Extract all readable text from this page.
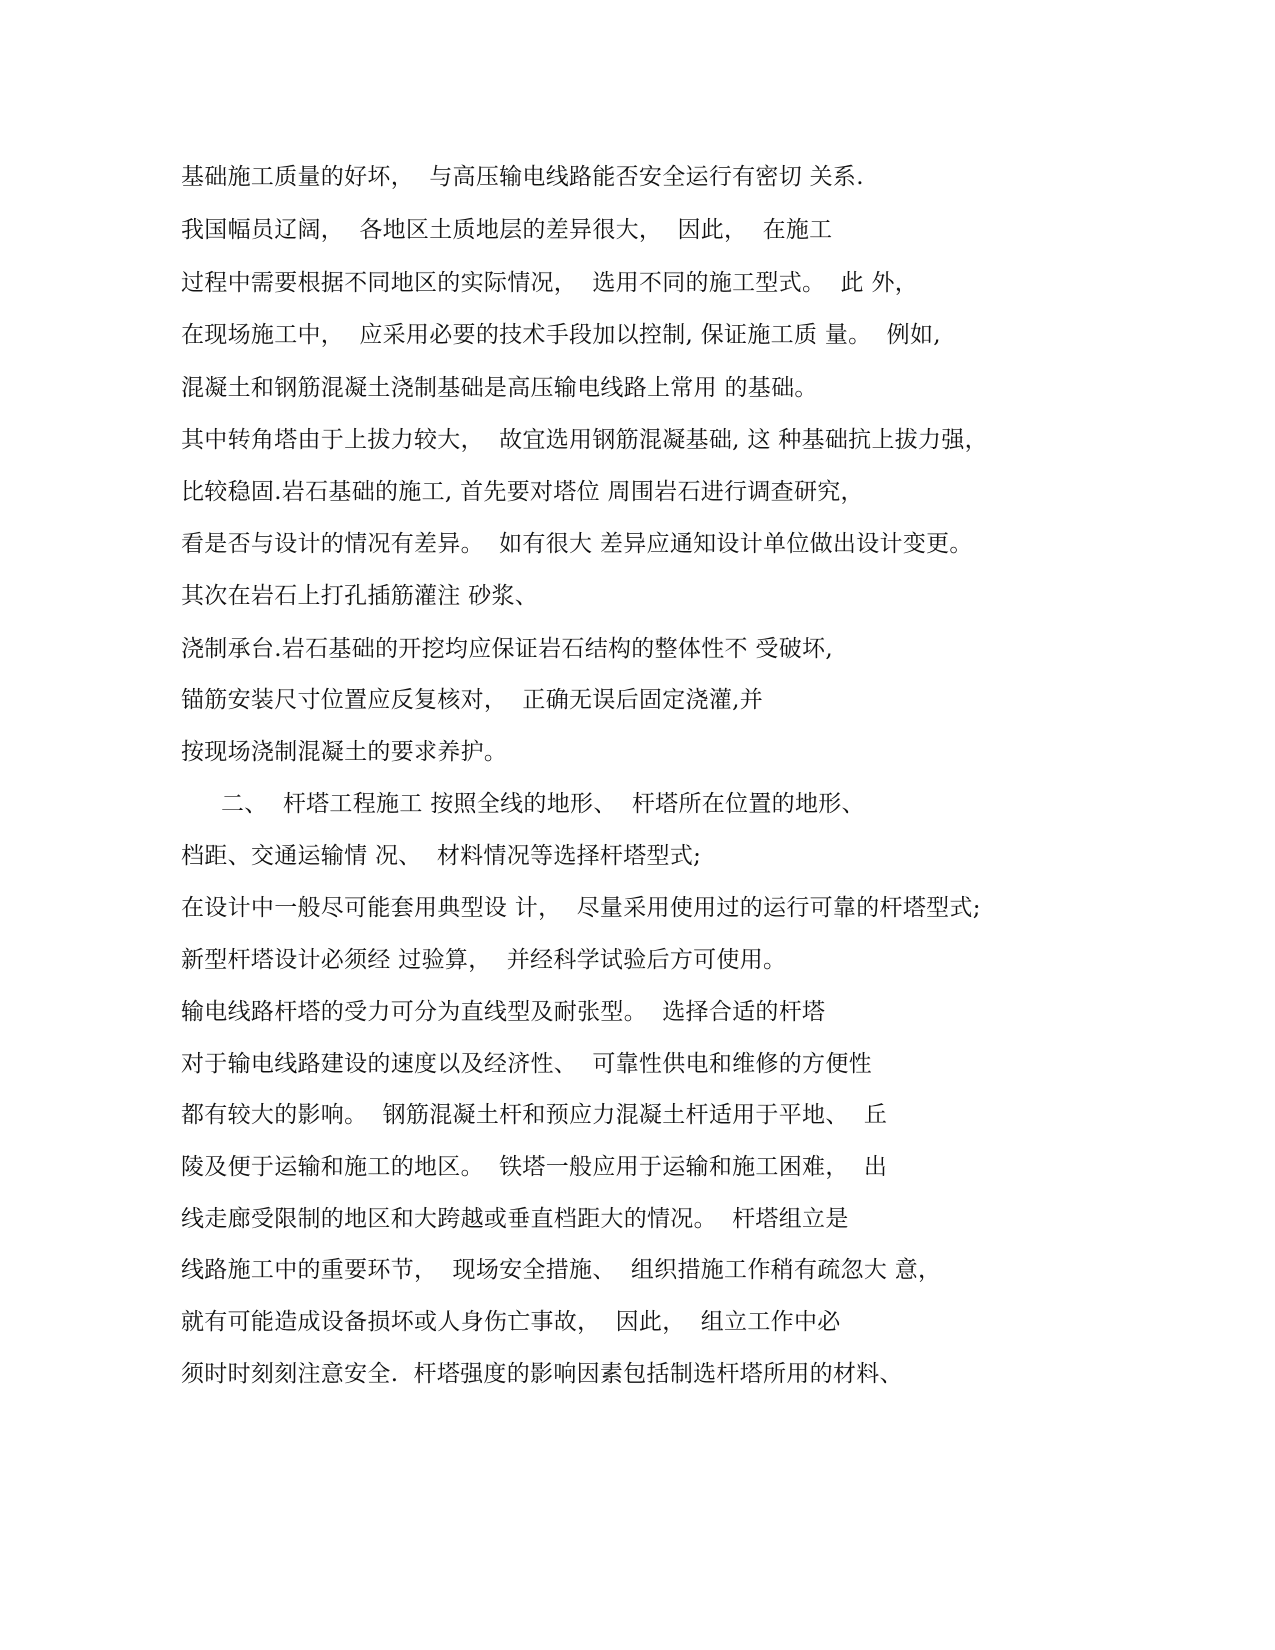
基础施工质量的好坏，  与高压输电线路能否安全运行有密切 关系.
我国幅员辽阔，  各地区土质地层的差异很大，  因此，  在施工
过程中需要根据不同地区的实际情况，  选用不同的施工型式。  此 外，
在现场施工中，  应采用必要的技术手段加以控制, 保证施工质 量。  例如,
混凝土和钢筋混凝土浇制基础是高压输电线路上常用 的基础。
其中转角塔由于上拔力较大，  故宜选用钢筋混凝基础, 这 种基础抗上拔力强，
比较稳固.岩石基础的施工, 首先要对塔位 周围岩石进行调查研究，
看是否与设计的情况有差异。  如有很大 差异应通知设计单位做出设计变更。
其次在岩石上打孔插筋灌注 砂浆、
浇制承台.岩石基础的开挖均应保证岩石结构的整体性不 受破坏,
锚筋安装尺寸位置应反复核对，  正确无误后固定浇灌,并
按现场浇制混凝土的要求养护。
二、  杆塔工程施工 按照全线的地形、  杆塔所在位置的地形、
档距、交通运输情 况、  材料情况等选择杆塔型式;
在设计中一般尽可能套用典型设 计，  尽量采用使用过的运行可靠的杆塔型式;
新型杆塔设计必须经 过验算，  并经科学试验后方可使用。
输电线路杆塔的受力可分为直线型及耐张型。  选择合适的杆塔
对于输电线路建设的速度以及经济性、  可靠性供电和维修的方便性
都有较大的影响。  钢筋混凝土杆和预应力混凝土杆适用于平地、  丘
陵及便于运输和施工的地区。  铁塔一般应用于运输和施工困难，  出
线走廊受限制的地区和大跨越或垂直档距大的情况。  杆塔组立是
线路施工中的重要环节，  现场安全措施、  组织措施工作稍有疏忽大 意，
就有可能造成设备损坏或人身伤亡事故，  因此，  组立工作中必
须时时刻刻注意安全.  杆塔强度的影响因素包括制选杆塔所用的材料、
